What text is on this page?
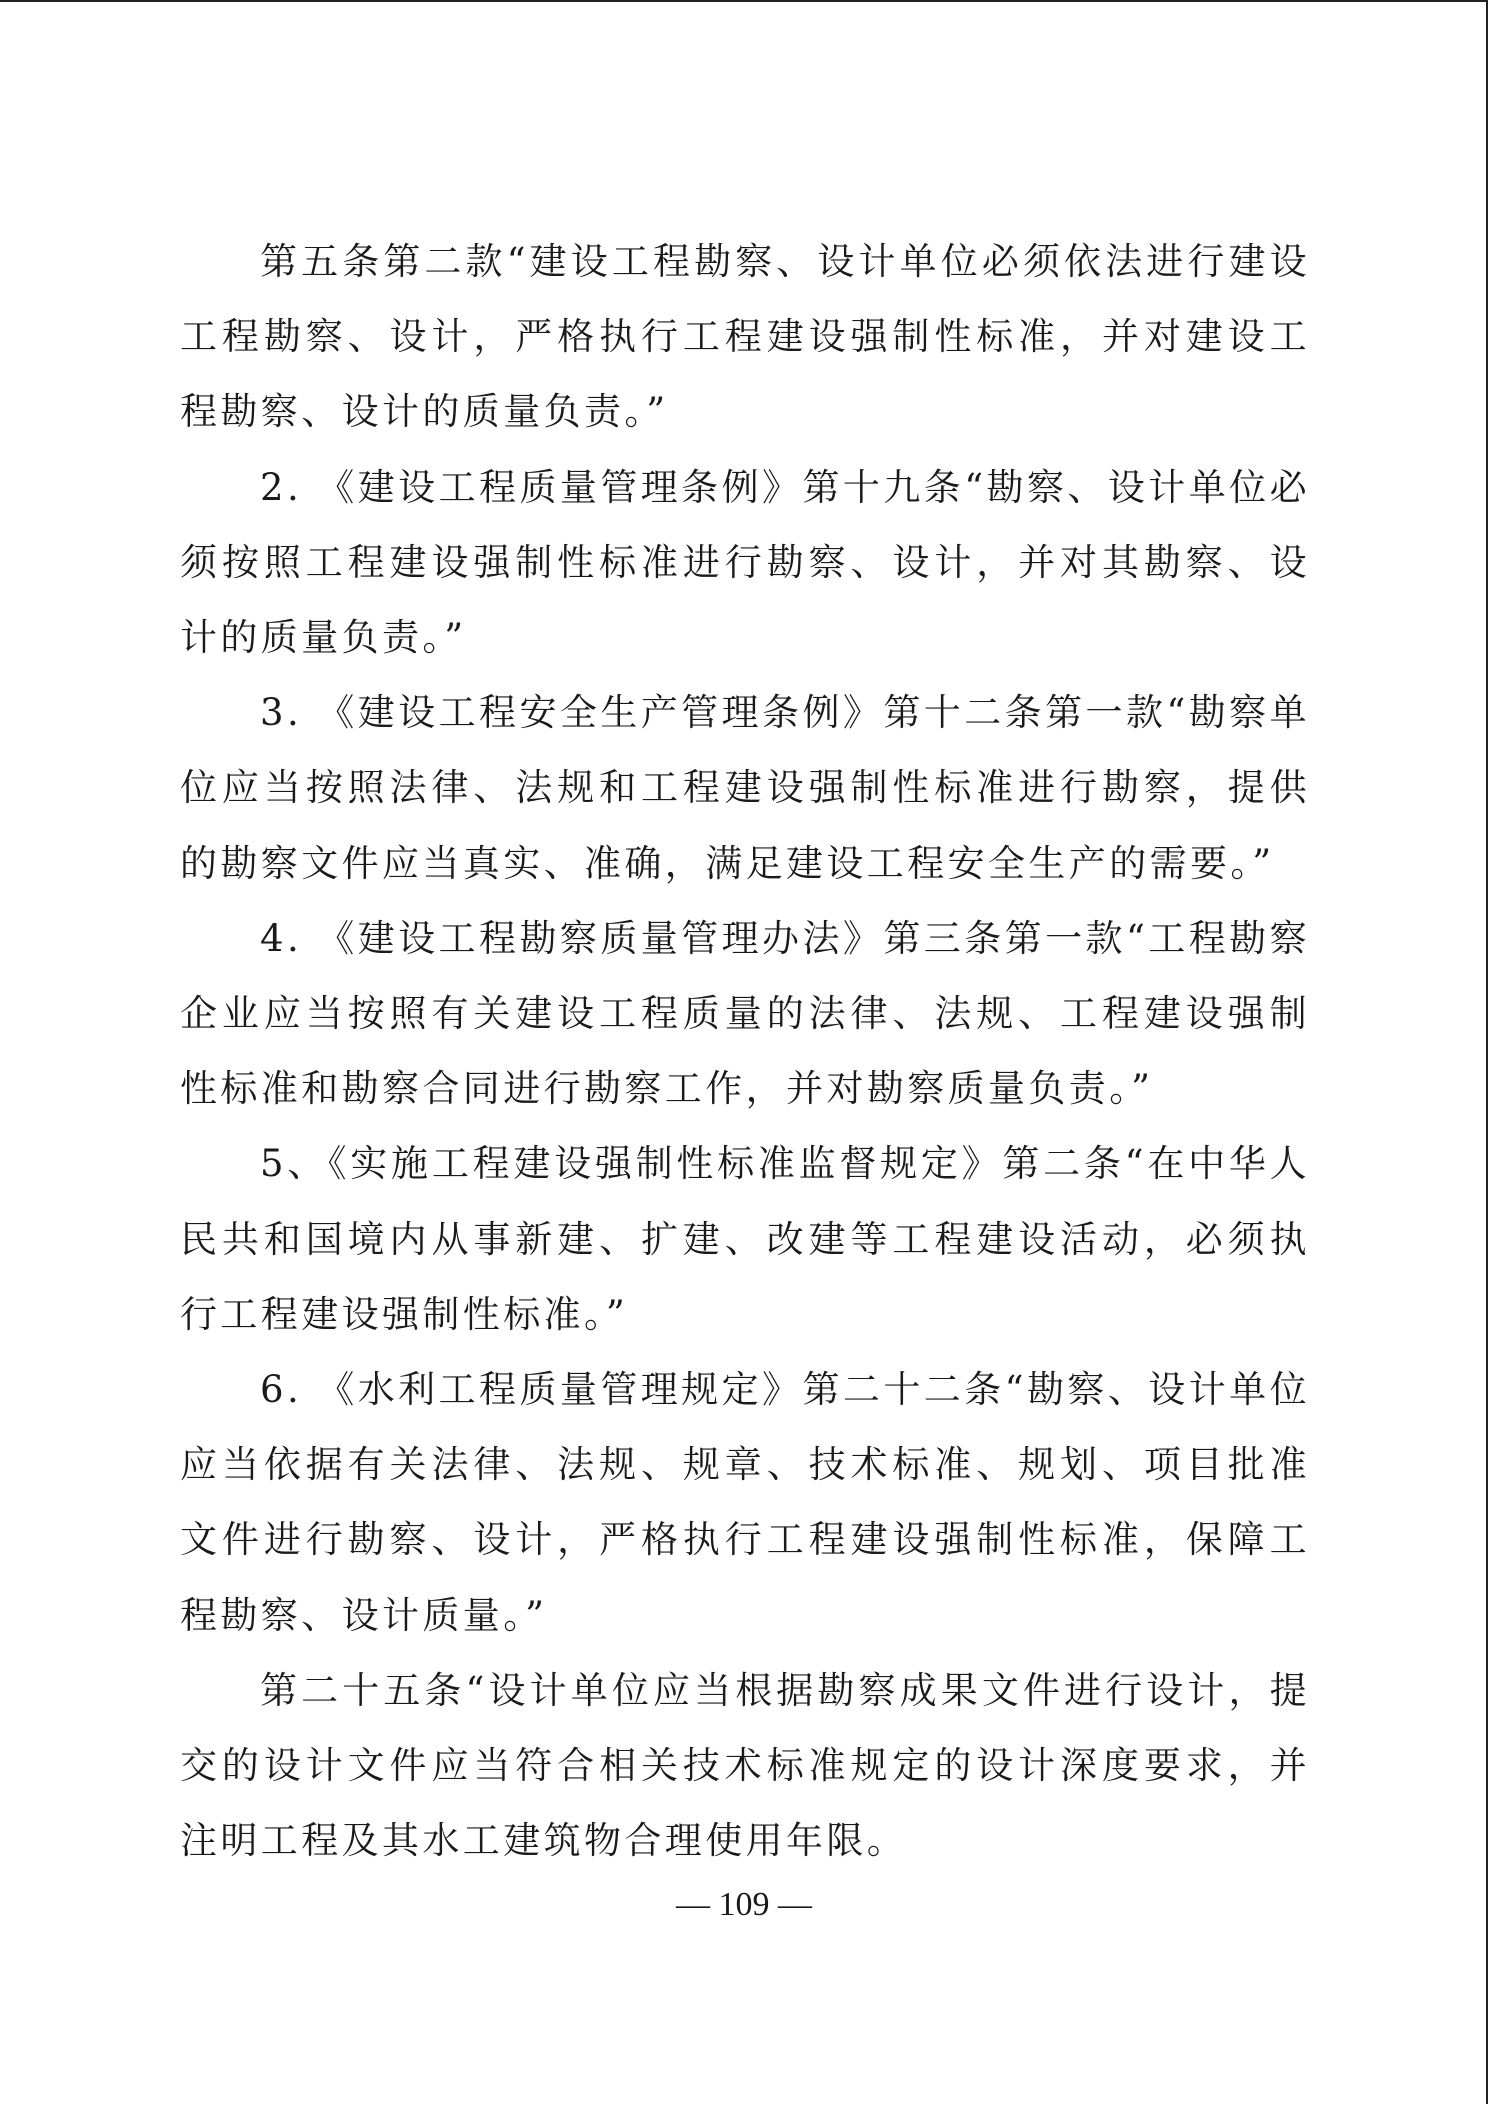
第五条第二款“建设工程勘察、设计单位必须依法进行建设工程勘察、设计，严格执行工程建设强制性标准，并对建设工程勘察、设计的质量负责。”

2. 《建设工程质量管理条例》第十九条“勘察、设计单位必须按照工程建设强制性标准进行勘察、设计，并对其勘察、设计的质量负责。”

3. 《建设工程安全生产管理条例》第十二条第一款“勘察单位应当按照法律、法规和工程建设强制性标准进行勘察，提供的勘察文件应当真实、准确，满足建设工程安全生产的需要。”

4. 《建设工程勘察质量管理办法》第三条第一款“工程勘察企业应当按照有关建设工程质量的法律、法规、工程建设强制性标准和勘察合同进行勘察工作，并对勘察质量负责。”

5、《实施工程建设强制性标准监督规定》第二条“在中华人民共和国境内从事新建、扩建、改建等工程建设活动，必须执行工程建设强制性标准。”

6. 《水利工程质量管理规定》第二十二条“勘察、设计单位应当依据有关法律、法规、规章、技术标准、规划、项目批准文件进行勘察、设计，严格执行工程建设强制性标准，保障工程勘察、设计质量。”

第二十五条“设计单位应当根据勘察成果文件进行设计，提交的设计文件应当符合相关技术标准规定的设计深度要求，并注明工程及其水工建筑物合理使用年限。

— 109 —
